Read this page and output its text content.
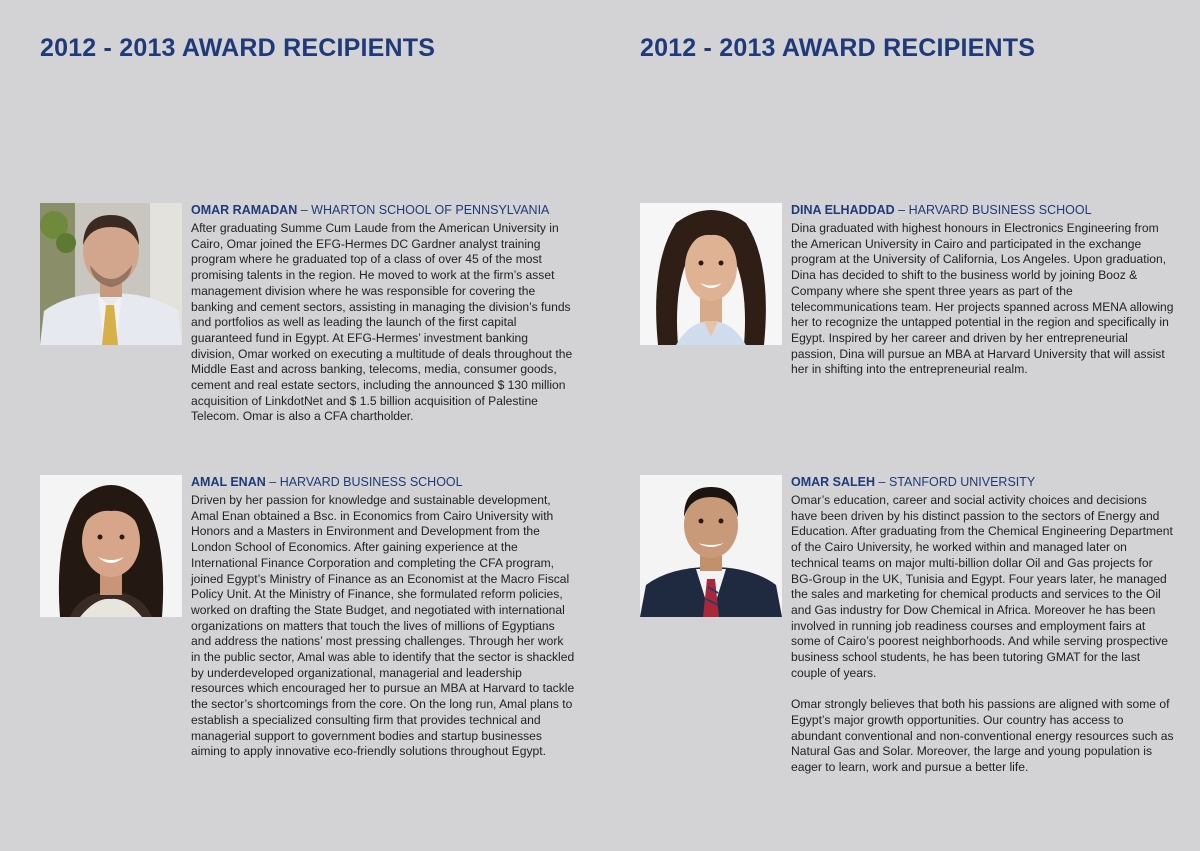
2012 - 2013 AWARD RECIPIENTS
OMAR RAMADAN – WHARTON SCHOOL OF PENNSYLVANIA

After graduating Summe Cum Laude from the American University in Cairo, Omar joined the EFG-Hermes DC Gardner analyst training program where he graduated top of a class of over 45 of the most promising talents in the region. He moved to work at the firm’s asset management division where he was responsible for covering the banking and cement sectors, assisting in managing the division’s funds and portfolios as well as leading the launch of the first capital guaranteed fund in Egypt. At EFG-Hermes’ investment banking division, Omar worked on executing a multitude of deals throughout the Middle East and across banking, telecoms, media, consumer goods, cement and real estate sectors, including the announced $ 130 million acquisition of LinkdotNet and $ 1.5 billion acquisition of Palestine Telecom. Omar is also a CFA chartholder.

AMAL ENAN – HARVARD BUSINESS SCHOOL

Driven by her passion for knowledge and sustainable development, Amal Enan obtained a Bsc. in Economics from Cairo University with Honors and a Masters in Environment and Development from the London School of Economics. After gaining experience at the International Finance Corporation and completing the CFA program, joined Egypt’s Ministry of Finance as an Economist at the Macro Fiscal Policy Unit. At the Ministry of Finance, she formulated reform policies, worked on drafting the State Budget, and negotiated with international organizations on matters that touch the lives of millions of Egyptians and address the nations’ most pressing challenges. Through her work in the public sector, Amal was able to identify that the sector is shackled by underdeveloped organizational, managerial and leadership resources which encouraged her to pursue an MBA at Harvard to tackle the sector’s shortcomings from the core. On the long run, Amal plans to establish a specialized consulting firm that provides technical and managerial support to government bodies and startup businesses aiming to apply innovative eco-friendly solutions throughout Egypt.

2012 - 2013 AWARD RECIPIENTS
DINA ELHADDAD – HARVARD BUSINESS SCHOOL

Dina graduated with highest honours in Electronics Engineering from the American University in Cairo and participated in the exchange program at the University of California, Los Angeles. Upon graduation, Dina has decided to shift to the business world by joining Booz & Company where she spent three years as part of the telecommunications team. Her projects spanned across MENA allowing her to recognize the untapped potential in the region and specifically in Egypt. Inspired by her career and driven by her entrepreneurial passion, Dina will pursue an MBA at Harvard University that will assist her in shifting into the entrepreneurial realm.

OMAR SALEH – STANFORD UNIVERSITY

Omar’s education, career and social activity choices and decisions have been driven by his distinct passion to the sectors of Energy and Education. After graduating from the Chemical Engineering Department of the Cairo University, he worked within and managed later on technical teams on major multi-billion dollar Oil and Gas projects for BG-Group in the UK, Tunisia and Egypt. Four years later, he managed the sales and marketing for chemical products and services to the Oil and Gas industry for Dow Chemical in Africa. Moreover he has been involved in running job readiness courses and employment fairs at some of Cairo’s poorest neighborhoods. And while serving prospective business school students, he has been tutoring GMAT for the last couple of years.

Omar strongly believes that both his passions are aligned with some of Egypt’s major growth opportunities. Our country has access to abundant conventional and non-conventional energy resources such as Natural Gas and Solar. Moreover, the large and young population is eager to learn, work and pursue a better life.
